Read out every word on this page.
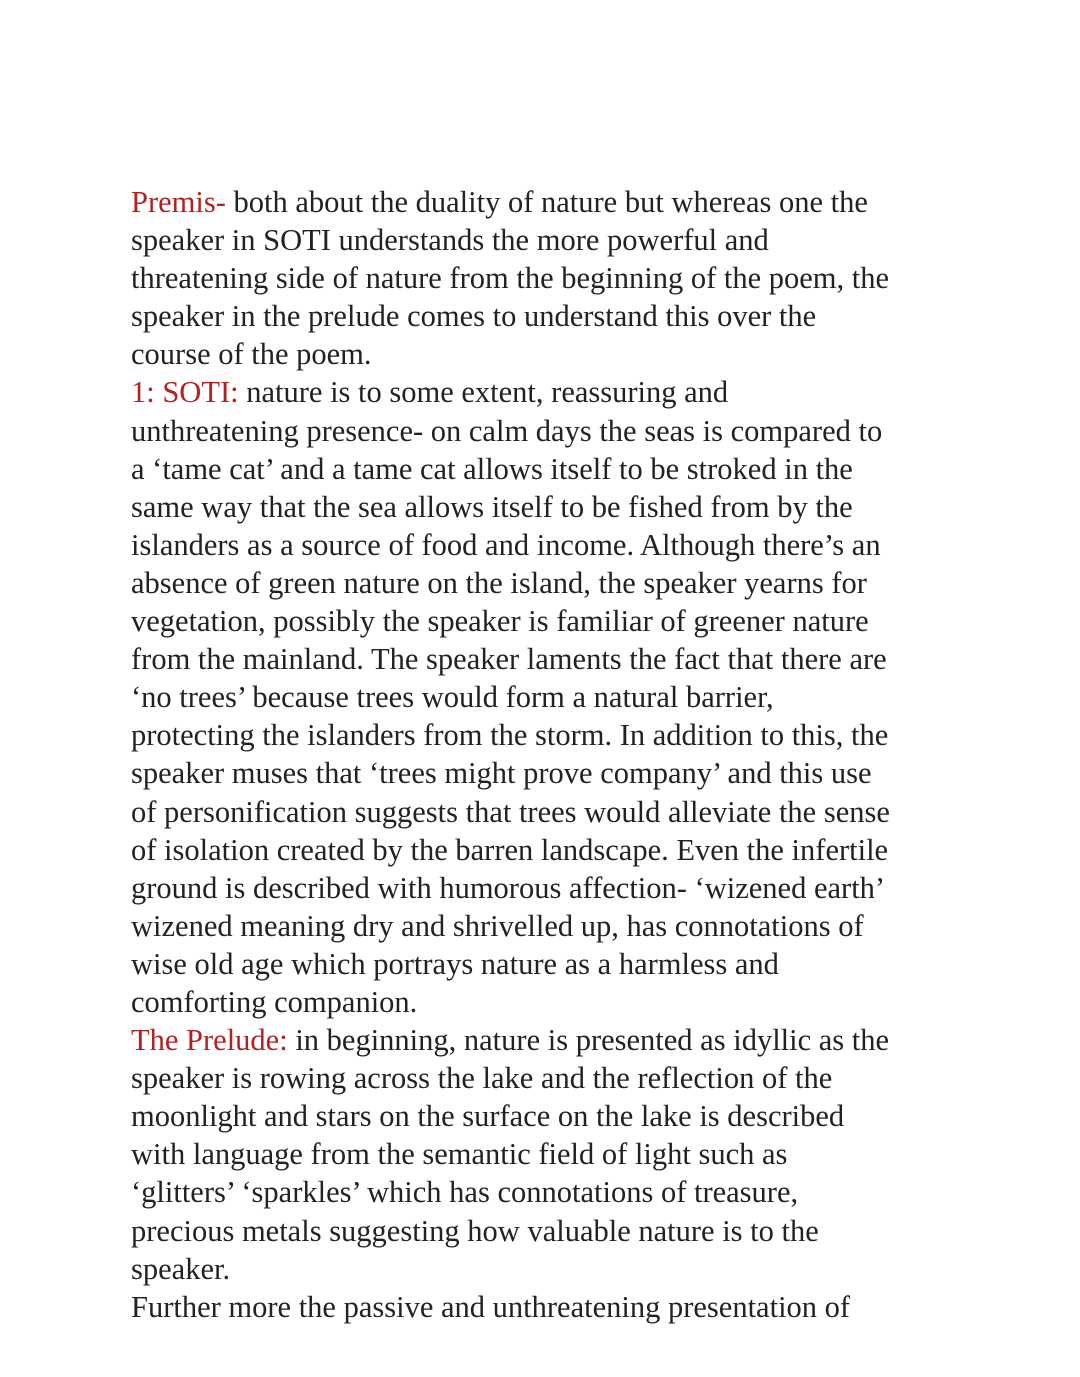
Premis- both about the duality of nature but whereas one the
speaker in SOTI understands the more powerful and
threatening side of nature from the beginning of the poem, the
speaker in the prelude comes to understand this over the
course of the poem.

1: SOTI: nature is to some extent, reassuring and
unthreatening presence- on calm days the seas is compared to
a ‘tame cat’ and a tame cat allows itself to be stroked in the
same way that the sea allows itself to be fished from by the
islanders as a source of food and income. Although there’s an
absence of green nature on the island, the speaker yearns for
vegetation, possibly the speaker is familiar of greener nature
from the mainland. The speaker laments the fact that there are
‘no trees’ because trees would form a natural barrier,
protecting the islanders from the storm. In addition to this, the
speaker muses that ‘trees might prove company’ and this use
of personification suggests that trees would alleviate the sense
of isolation created by the barren landscape. Even the infertile
ground is described with humorous affection- ‘wizened earth’
wizened meaning dry and shrivelled up, has connotations of
wise old age which portrays nature as a harmless and
comforting companion.

The Prelude: in beginning, nature is presented as idyllic as the
speaker is rowing across the lake and the reflection of the
moonlight and stars on the surface on the lake is described
with language from the semantic field of light such as
‘glitters’ ‘sparkles’ which has connotations of treasure,
precious metals suggesting how valuable nature is to the
speaker.

Further more the passive and unthreatening presentation of
